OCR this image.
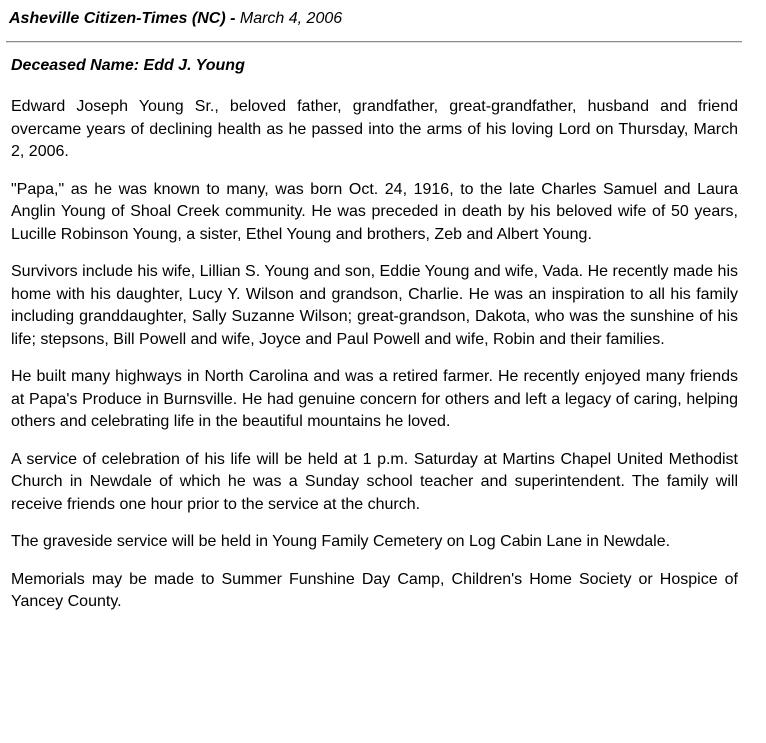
Asheville Citizen-Times (NC) - March 4, 2006
Deceased Name: Edd J. Young

Edward Joseph Young Sr., beloved father, grandfather, great-grandfather, husband and friend overcame years of declining health as he passed into the arms of his loving Lord on Thursday, March 2, 2006.

"Papa," as he was known to many, was born Oct. 24, 1916, to the late Charles Samuel and Laura Anglin Young of Shoal Creek community. He was preceded in death by his beloved wife of 50 years, Lucille Robinson Young, a sister, Ethel Young and brothers, Zeb and Albert Young.

Survivors include his wife, Lillian S. Young and son, Eddie Young and wife, Vada. He recently made his home with his daughter, Lucy Y. Wilson and grandson, Charlie. He was an inspiration to all his family including granddaughter, Sally Suzanne Wilson; great-grandson, Dakota, who was the sunshine of his life; stepsons, Bill Powell and wife, Joyce and Paul Powell and wife, Robin and their families.

He built many highways in North Carolina and was a retired farmer. He recently enjoyed many friends at Papa's Produce in Burnsville. He had genuine concern for others and left a legacy of caring, helping others and celebrating life in the beautiful mountains he loved.

A service of celebration of his life will be held at 1 p.m. Saturday at Martins Chapel United Methodist Church in Newdale of which he was a Sunday school teacher and superintendent. The family will receive friends one hour prior to the service at the church.

The graveside service will be held in Young Family Cemetery on Log Cabin Lane in Newdale.

Memorials may be made to Summer Funshine Day Camp, Children's Home Society or Hospice of Yancey County.
